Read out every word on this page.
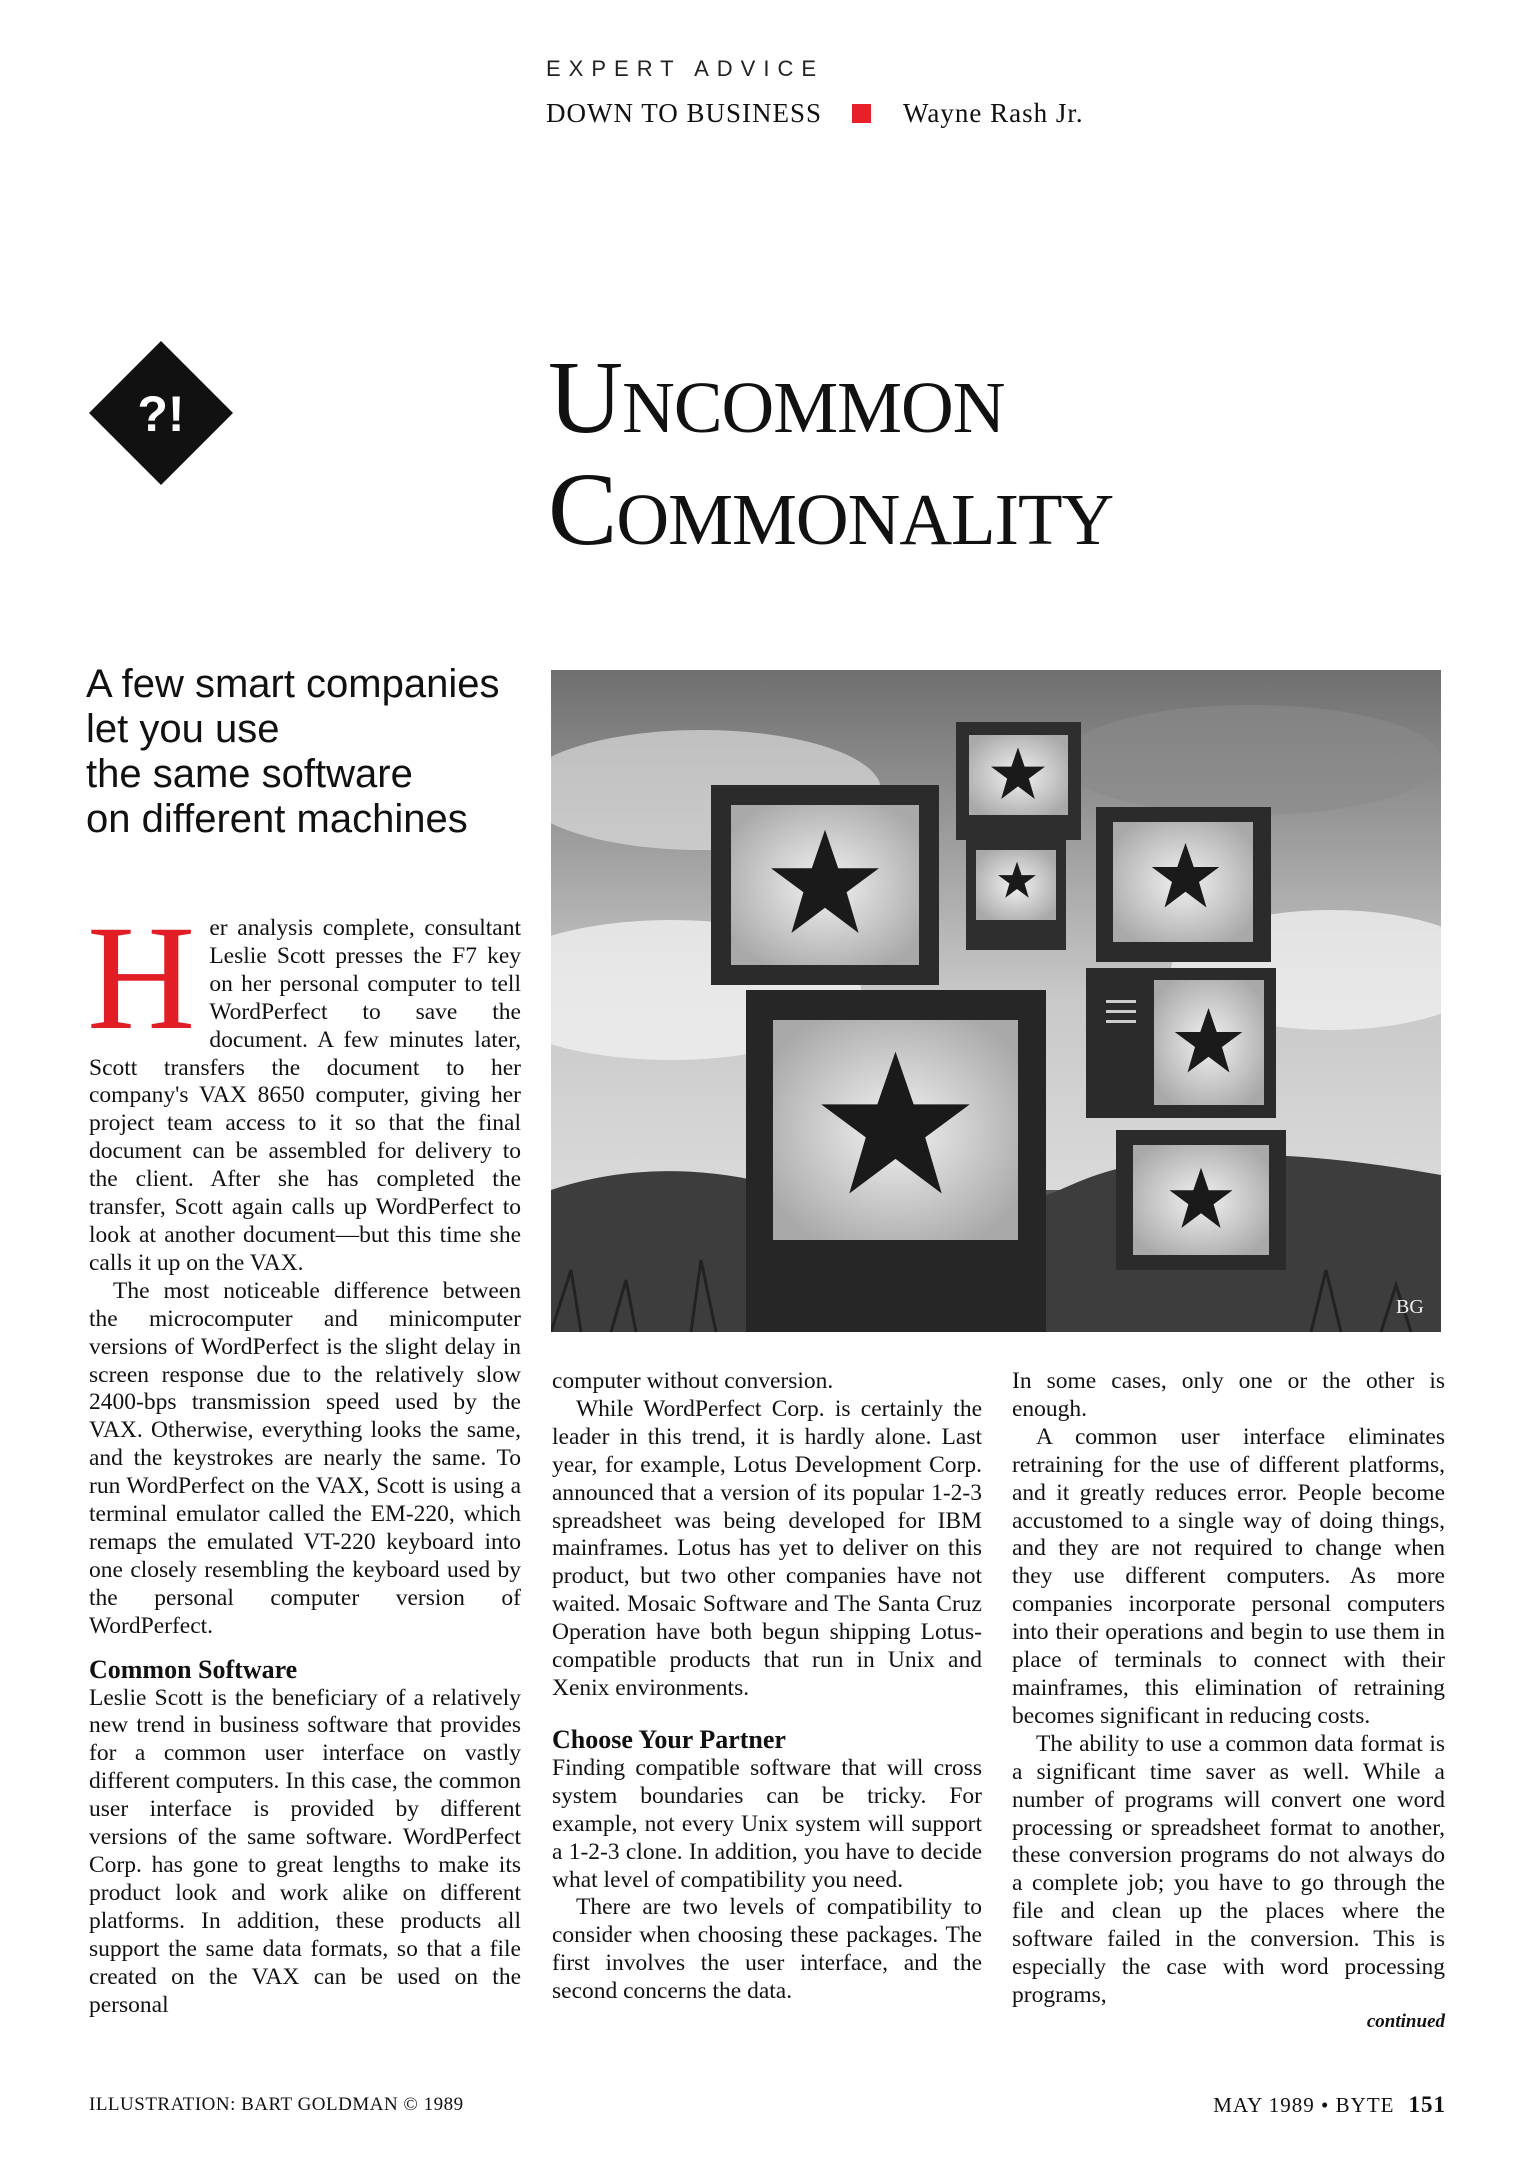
EXPERT ADVICE
DOWN TO BUSINESS	Wayne Rash Jr.
?!	Uncommon
Commonality
A few smart companies
let you use
the same software
on different machines
BG
H er analysis complete, consultant Leslie Scott presses the F7 key on her personal computer to tell WordPerfect to save the document. A few minutes later, Scott transfers the document to her company's VAX 8650 computer, giving her project team access to it so that the final document can be assembled for delivery to the client. After she has completed the transfer, Scott again calls up WordPerfect to look at another document—but this time she calls it up on the VAX.

The most noticeable difference between the microcomputer and minicomputer versions of WordPerfect is the slight delay in screen response due to the relatively slow 2400-bps transmission speed used by the VAX. Otherwise, everything looks the same, and the keystrokes are nearly the same. To run WordPerfect on the VAX, Scott is using a terminal emulator called the EM-220, which remaps the emulated VT-220 keyboard into one closely resembling the keyboard used by the personal computer version of WordPerfect.

Common Software

Leslie Scott is the beneficiary of a relatively new trend in business software that provides for a common user interface on vastly different computers. In this case, the common user interface is provided by different versions of the same software. WordPerfect Corp. has gone to great lengths to make its product look and work alike on different platforms. In addition, these products all support the same data formats, so that a file created on the VAX can be used on the personal

computer without conversion.

While WordPerfect Corp. is certainly the leader in this trend, it is hardly alone. Last year, for example, Lotus Development Corp. announced that a version of its popular 1-2-3 spreadsheet was being developed for IBM mainframes. Lotus has yet to deliver on this product, but two other companies have not waited. Mosaic Software and The Santa Cruz Operation have both begun shipping Lotus-compatible products that run in Unix and Xenix environments.

Choose Your Partner

Finding compatible software that will cross system boundaries can be tricky. For example, not every Unix system will support a 1-2-3 clone. In addition, you have to decide what level of compatibility you need.

There are two levels of compatibility to consider when choosing these packages. The first involves the user interface, and the second concerns the data.

In some cases, only one or the other is enough.

A common user interface eliminates retraining for the use of different platforms, and it greatly reduces error. People become accustomed to a single way of doing things, and they are not required to change when they use different computers. As more companies incorporate personal computers into their operations and begin to use them in place of terminals to connect with their mainframes, this elimination of retraining becomes significant in reducing costs.

The ability to use a common data format is a significant time saver as well. While a number of programs will convert one word processing or spreadsheet format to another, these conversion programs do not always do a complete job; you have to go through the file and clean up the places where the software failed in the conversion. This is especially the case with word processing programs,

continued
ILLUSTRATION: BART GOLDMAN © 1989	MAY 1989 • BYTE 151
